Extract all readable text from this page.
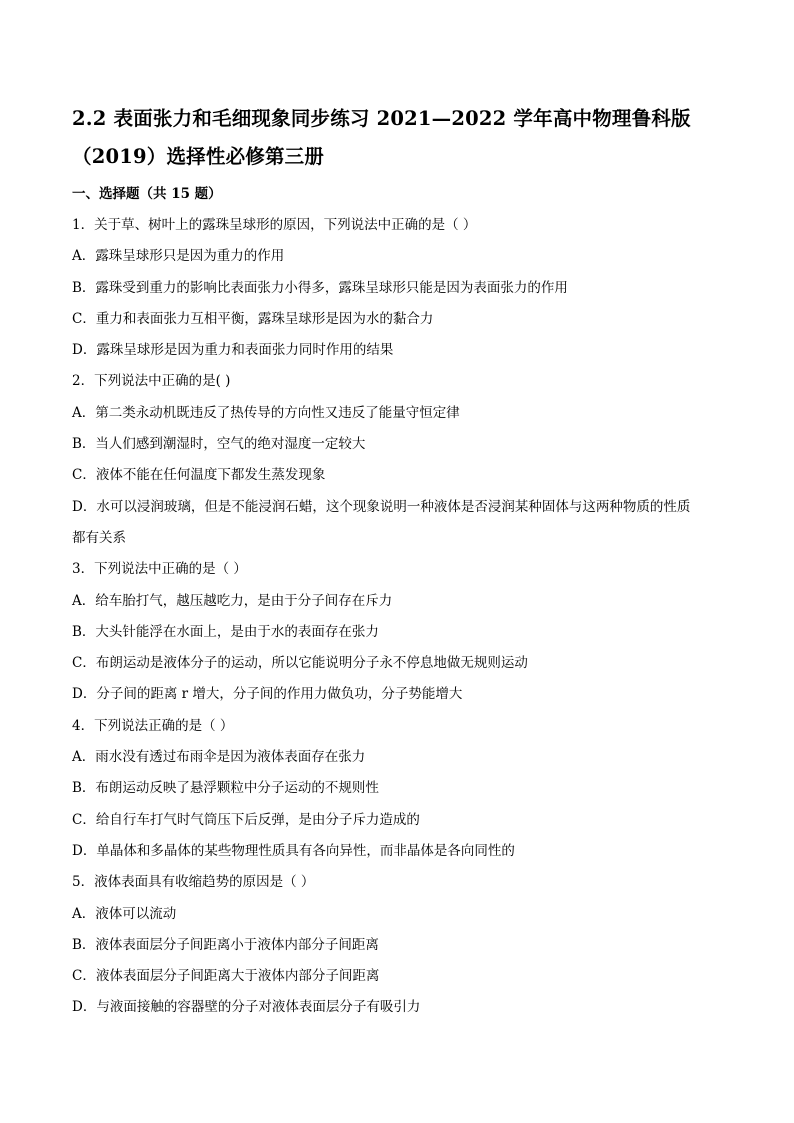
2.2 表面张力和毛细现象同步练习 2021—2022 学年高中物理鲁科版
（2019）选择性必修第三册
一、选择题（共 15 题）
1．关于草、树叶上的露珠呈球形的原因，下列说法中正确的是（ ）
A．露珠呈球形只是因为重力的作用
B．露珠受到重力的影响比表面张力小得多，露珠呈球形只能是因为表面张力的作用
C．重力和表面张力互相平衡，露珠呈球形是因为水的黏合力
D．露珠呈球形是因为重力和表面张力同时作用的结果
2．下列说法中正确的是( )
A．第二类永动机既违反了热传导的方向性又违反了能量守恒定律
B．当人们感到潮湿时，空气的绝对湿度一定较大
C．液体不能在任何温度下都发生蒸发现象
D．水可以浸润玻璃，但是不能浸润石蜡，这个现象说明一种液体是否浸润某种固体与这两种物质的性质
都有关系
3．下列说法中正确的是（ ）
A．给车胎打气，越压越吃力，是由于分子间存在斥力
B．大头针能浮在水面上，是由于水的表面存在张力
C．布朗运动是液体分子的运动，所以它能说明分子永不停息地做无规则运动
D．分子间的距离 r 增大，分子间的作用力做负功，分子势能增大
4．下列说法正确的是（ ）
A．雨水没有透过布雨伞是因为液体表面存在张力
B．布朗运动反映了悬浮颗粒中分子运动的不规则性
C．给自行车打气时气筒压下后反弹，是由分子斥力造成的
D．单晶体和多晶体的某些物理性质具有各向异性，而非晶体是各向同性的
5．液体表面具有收缩趋势的原因是（ ）
A．液体可以流动
B．液体表面层分子间距离小于液体内部分子间距离
C．液体表面层分子间距离大于液体内部分子间距离
D．与液面接触的容器壁的分子对液体表面层分子有吸引力
